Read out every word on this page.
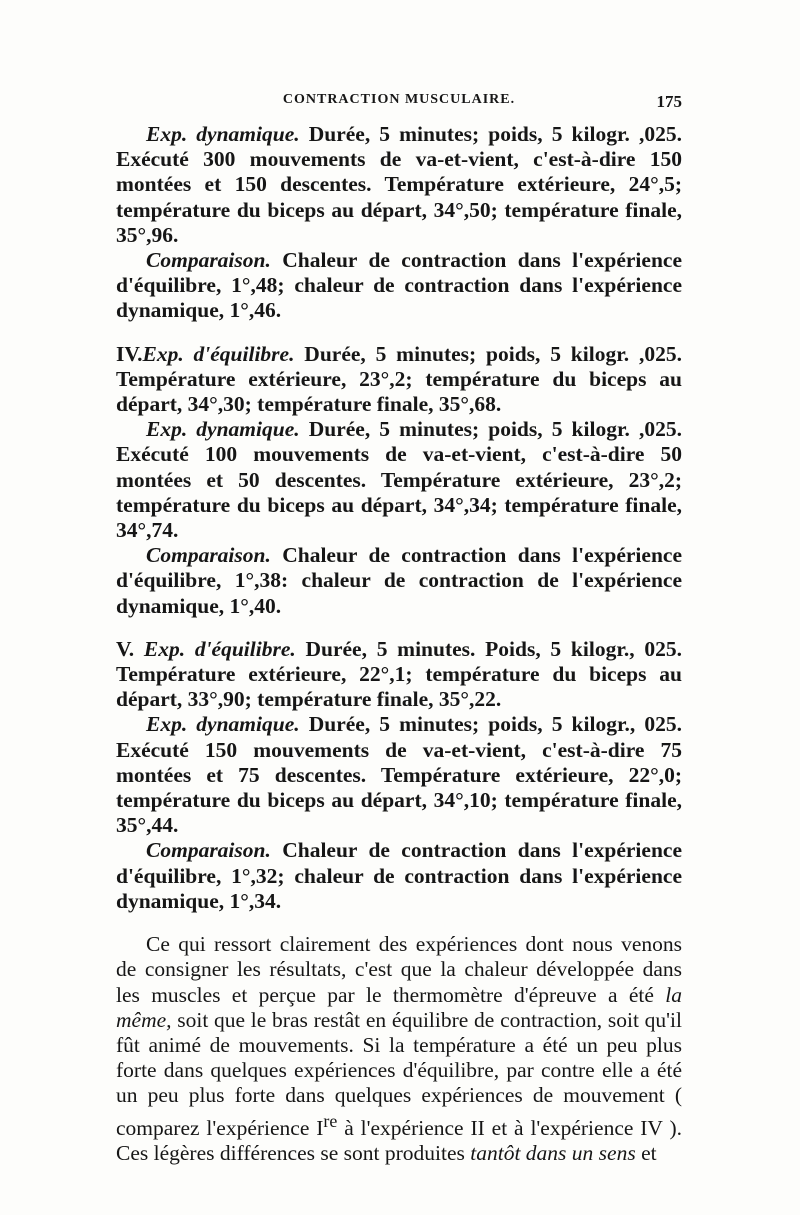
CONTRACTION MUSCULAIRE.	175

Exp. dynamique. Durée, 5 minutes; poids, 5 kilogr. ,025. Exécuté 300 mouvements de va-et-vient, c'est-à-dire 150 montées et 150 descentes. Température extérieure, 24°,5; température du biceps au départ, 34°,50; température finale, 35°,96.

Comparaison. Chaleur de contraction dans l'expérience d'équilibre, 1°,48; chaleur de contraction dans l'expérience dynamique, 1°,46.

IV.Exp. d'équilibre. Durée, 5 minutes; poids, 5 kilogr. ,025. Température extérieure, 23°,2; température du biceps au départ, 34°,30; température finale, 35°,68.

Exp. dynamique. Durée, 5 minutes; poids, 5 kilogr. ,025. Exécuté 100 mouvements de va-et-vient, c'est-à-dire 50 montées et 50 descentes. Température extérieure, 23°,2; température du biceps au départ, 34°,34; température finale, 34°,74.

Comparaison. Chaleur de contraction dans l'expérience d'équilibre, 1°,38: chaleur de contraction de l'expérience dynamique, 1°,40.

V. Exp. d'équilibre. Durée, 5 minutes. Poids, 5 kilogr., 025. Température extérieure, 22°,1; température du biceps au départ, 33°,90; température finale, 35°,22.

Exp. dynamique. Durée, 5 minutes; poids, 5 kilogr., 025. Exécuté 150 mouvements de va-et-vient, c'est-à-dire 75 montées et 75 descentes. Température extérieure, 22°,0; température du biceps au départ, 34°,10; température finale, 35°,44.

Comparaison. Chaleur de contraction dans l'expérience d'équilibre, 1°,32; chaleur de contraction dans l'expérience dynamique, 1°,34.

Ce qui ressort clairement des expériences dont nous venons de consigner les résultats, c'est que la chaleur développée dans les muscles et perçue par le thermomètre d'épreuve a été la même, soit que le bras restât en équilibre de contraction, soit qu'il fût animé de mouvements. Si la température a été un peu plus forte dans quelques expériences d'équilibre, par contre elle a été un peu plus forte dans quelques expériences de mouvement ( comparez l'expérience Ire à l'expérience II et à l'expérience IV ). Ces légères différences se sont produites tantôt dans un sens et
